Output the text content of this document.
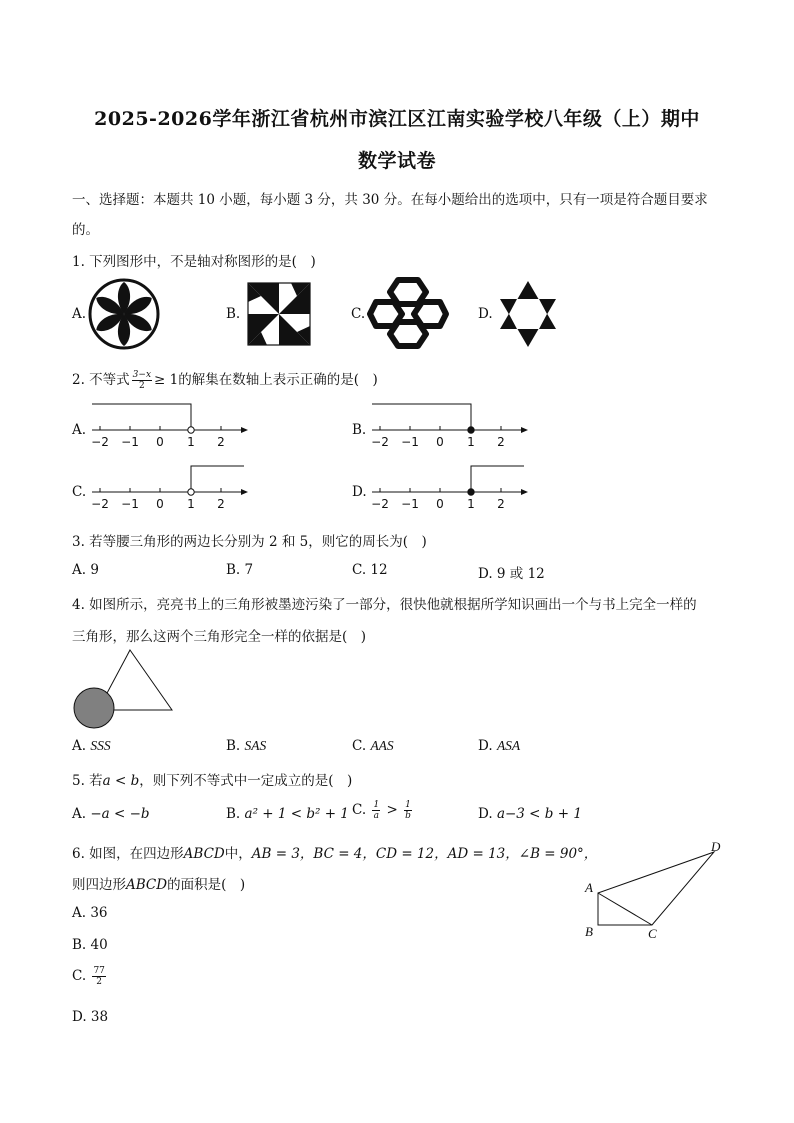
2025-2026学年浙江省杭州市滨江区江南实验学校八年级（上）期中
数学试卷
一、选择题：本题共 10 小题，每小题 3 分，共 30 分。在每小题给出的选项中，只有一项是符合题目要求
的。
1. 下列图形中，不是轴对称图形的是(　)
A.	B.	C.	D.
2. 不等式 $\frac{3-x}{2} \ge 1$的解集在数轴上表示正确的是(　)
A.	B.
C.	D.
−2 −1 0 1 2	−2 −1 0 1 2
−2 −1 0 1 2	−2 −1 0 1 2
3. 若等腰三角形的两边长分别为 2 和 5，则它的周长为(　)
A. 9	B. 7	C. 12	D. 9 或 12
4. 如图所示，亮亮书上的三角形被墨迹污染了一部分，很快他就根据所学知识画出一个与书上完全一样的
三角形，那么这两个三角形完全一样的依据是(　)
A. SSS	B. SAS	C. AAS	D. ASA
5. 若a < b，则下列不等式中一定成立的是(　)
A. −a < −b	B. a² + 1 < b² + 1 C. $\frac{1}{a} > \frac{1}{b}$	D. a−3 < b + 1
6. 如图，在四边形ABCD中，AB = 3，BC = 4，CD = 12，AD = 13，∠B = 90°，
则四边形ABCD的面积是(　)
A. 36
B. 40
C. $\frac{77}{2}$
D. 38
A
B	C
D
